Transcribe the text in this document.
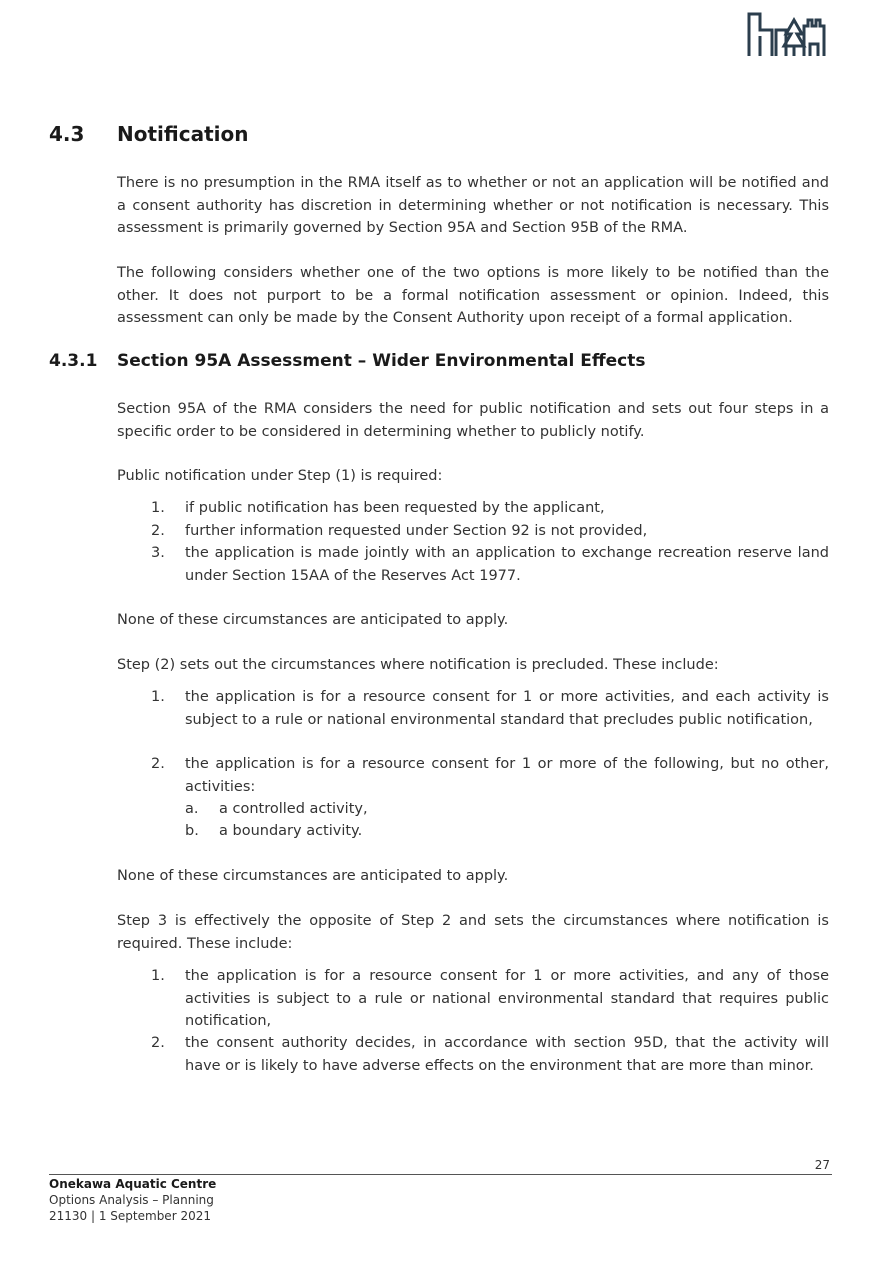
4.3 Notification
There is no presumption in the RMA itself as to whether or not an application will be notified and a consent authority has discretion in determining whether or not notification is necessary. This assessment is primarily governed by Section 95A and Section 95B of the RMA.
The following considers whether one of the two options is more likely to be notified than the other. It does not purport to be a formal notification assessment or opinion. Indeed, this assessment can only be made by the Consent Authority upon receipt of a formal application.
4.3.1 Section 95A Assessment – Wider Environmental Effects
Section 95A of the RMA considers the need for public notification and sets out four steps in a specific order to be considered in determining whether to publicly notify.
Public notification under Step (1) is required:
1. if public notification has been requested by the applicant,
2. further information requested under Section 92 is not provided,
3. the application is made jointly with an application to exchange recreation reserve land under Section 15AA of the Reserves Act 1977.
None of these circumstances are anticipated to apply.
Step (2) sets out the circumstances where notification is precluded. These include:
1. the application is for a resource consent for 1 or more activities, and each activity is subject to a rule or national environmental standard that precludes public notification,
2. the application is for a resource consent for 1 or more of the following, but no other, activities:
a. a controlled activity,
b. a boundary activity.
None of these circumstances are anticipated to apply.
Step 3 is effectively the opposite of Step 2 and sets the circumstances where notification is required. These include:
1. the application is for a resource consent for 1 or more activities, and any of those activities is subject to a rule or national environmental standard that requires public notification,
2. the consent authority decides, in accordance with section 95D, that the activity will have or is likely to have adverse effects on the environment that are more than minor.
27
Onekawa Aquatic Centre
Options Analysis – Planning
21130 | 1 September 2021
